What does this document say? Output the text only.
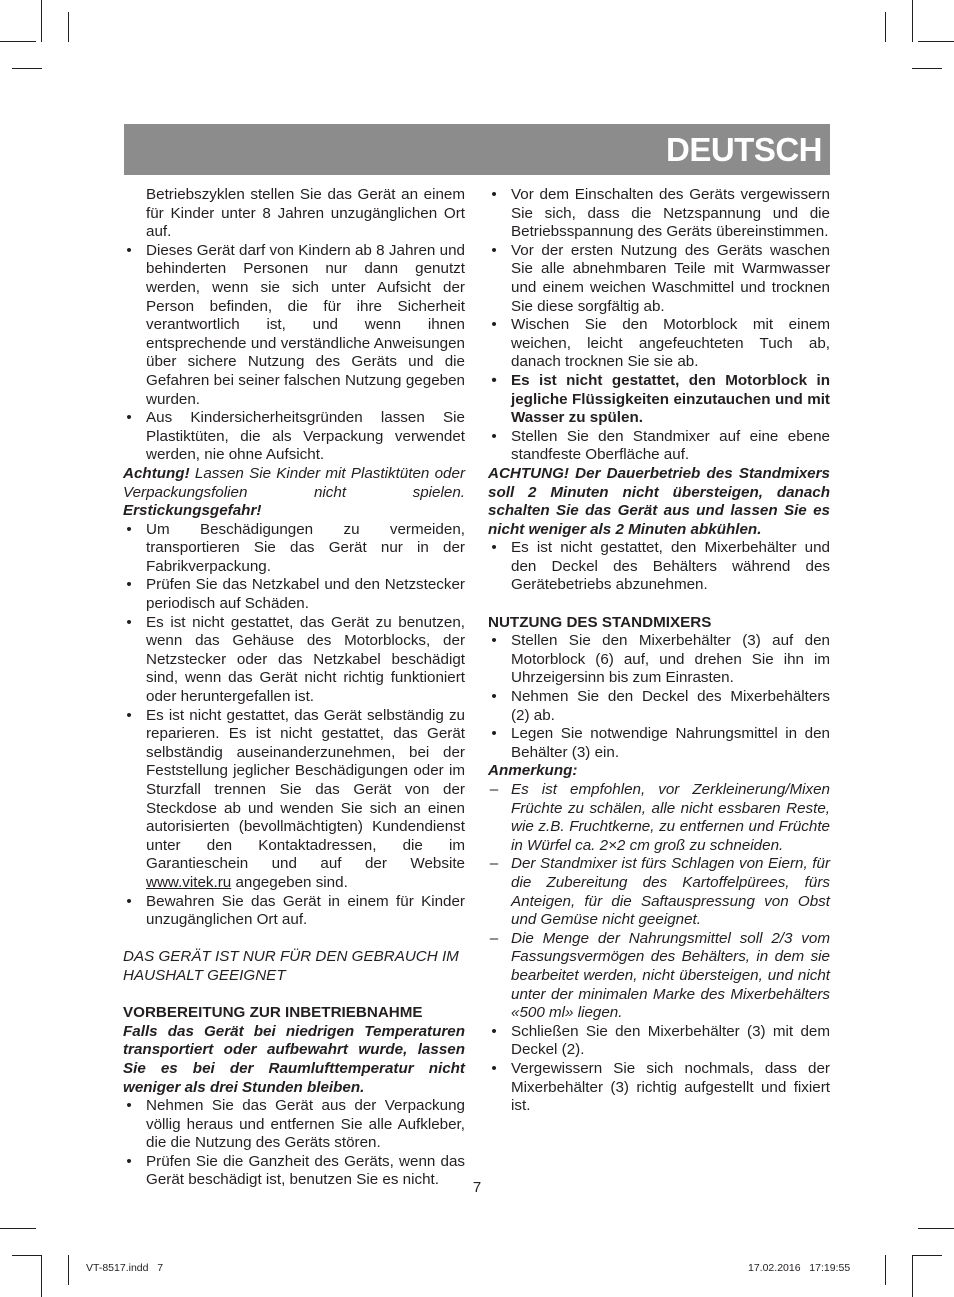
DEUTSCH

Betriebszyklen stellen Sie das Gerät an einem für Kinder unter 8 Jahren unzugänglichen Ort auf.

• Dieses Gerät darf von Kindern ab 8 Jahren und behinderten Personen nur dann genutzt werden, wenn sie sich unter Aufsicht der Person befinden, die für ihre Sicherheit verantwortlich ist, und wenn ihnen entsprechende und verständliche Anweisungen über sichere Nutzung des Geräts und die Gefahren bei seiner falschen Nutzung gegeben wurden.

• Aus Kindersicherheitsgründen lassen Sie Plastiktüten, die als Verpackung verwendet werden, nie ohne Aufsicht.

Achtung! Lassen Sie Kinder mit Plastiktüten oder Verpackungsfolien nicht spielen. Erstickungsgefahr!

• Um Beschädigungen zu vermeiden, transportieren Sie das Gerät nur in der Fabrikverpackung.

• Prüfen Sie das Netzkabel und den Netzstecker periodisch auf Schäden.

• Es ist nicht gestattet, das Gerät zu benutzen, wenn das Gehäuse des Motorblocks, der Netzstecker oder das Netzkabel beschädigt sind, wenn das Gerät nicht richtig funktioniert oder heruntergefallen ist.

• Es ist nicht gestattet, das Gerät selbständig zu reparieren. Es ist nicht gestattet, das Gerät selbständig auseinanderzunehmen, bei der Feststellung jeglicher Beschädigungen oder im Sturzfall trennen Sie das Gerät von der Steckdose ab und wenden Sie sich an einen autorisierten (bevollmächtigten) Kundendienst unter den Kontaktadressen, die im Garantieschein und auf der Website www.vitek.ru angegeben sind.

• Bewahren Sie das Gerät in einem für Kinder unzugänglichen Ort auf.

DAS GERÄT IST NUR FÜR DEN GEBRAUCH IM HAUSHALT GEEIGNET

VORBEREITUNG ZUR INBETRIEBNAHME

Falls das Gerät bei niedrigen Temperaturen transportiert oder aufbewahrt wurde, lassen Sie es bei der Raumlufttemperatur nicht weniger als drei Stunden bleiben.

• Nehmen Sie das Gerät aus der Verpackung völlig heraus und entfernen Sie alle Aufkleber, die die Nutzung des Geräts stören.

• Prüfen Sie die Ganzheit des Geräts, wenn das Gerät beschädigt ist, benutzen Sie es nicht.

• Vor dem Einschalten des Geräts vergewissern Sie sich, dass die Netzspannung und die Betriebsspannung des Geräts übereinstimmen.

• Vor der ersten Nutzung des Geräts waschen Sie alle abnehmbaren Teile mit Warmwasser und einem weichen Waschmittel und trocknen Sie diese sorgfältig ab.

• Wischen Sie den Motorblock mit einem weichen, leicht angefeuchteten Tuch ab, danach trocknen Sie sie ab.

• Es ist nicht gestattet, den Motorblock in jegliche Flüssigkeiten einzutauchen und mit Wasser zu spülen.

• Stellen Sie den Standmixer auf eine ebene standfeste Oberfläche auf.

ACHTUNG! Der Dauerbetrieb des Standmixers soll 2 Minuten nicht übersteigen, danach schalten Sie das Gerät aus und lassen Sie es nicht weniger als 2 Minuten abkühlen.

• Es ist nicht gestattet, den Mixerbehälter und den Deckel des Behälters während des Gerätebetriebs abzunehmen.

NUTZUNG DES STANDMIXERS

• Stellen Sie den Mixerbehälter (3) auf den Motorblock (6) auf, und drehen Sie ihn im Uhrzeigersinn bis zum Einrasten.

• Nehmen Sie den Deckel des Mixerbehälters (2) ab.

• Legen Sie notwendige Nahrungsmittel in den Behälter (3) ein.

Anmerkung:

– Es ist empfohlen, vor Zerkleinerung/Mixen Früchte zu schälen, alle nicht essbaren Reste, wie z.B. Fruchtkerne, zu entfernen und Früchte in Würfel ca. 2×2 cm groß zu schneiden.

– Der Standmixer ist fürs Schlagen von Eiern, für die Zubereitung des Kartoffelpürees, fürs Anteigen, für die Saftauspressung von Obst und Gemüse nicht geeignet.

– Die Menge der Nahrungsmittel soll 2/3 vom Fassungsvermögen des Behälters, in dem sie bearbeitet werden, nicht übersteigen, und nicht unter der minimalen Marke des Mixerbehälters «500 ml» liegen.

• Schließen Sie den Mixerbehälter (3) mit dem Deckel (2).

• Vergewissern Sie sich nochmals, dass der Mixerbehälter (3) richtig aufgestellt und fixiert ist.

7
VT-8517.indd   7	17.02.2016   17:19:55
